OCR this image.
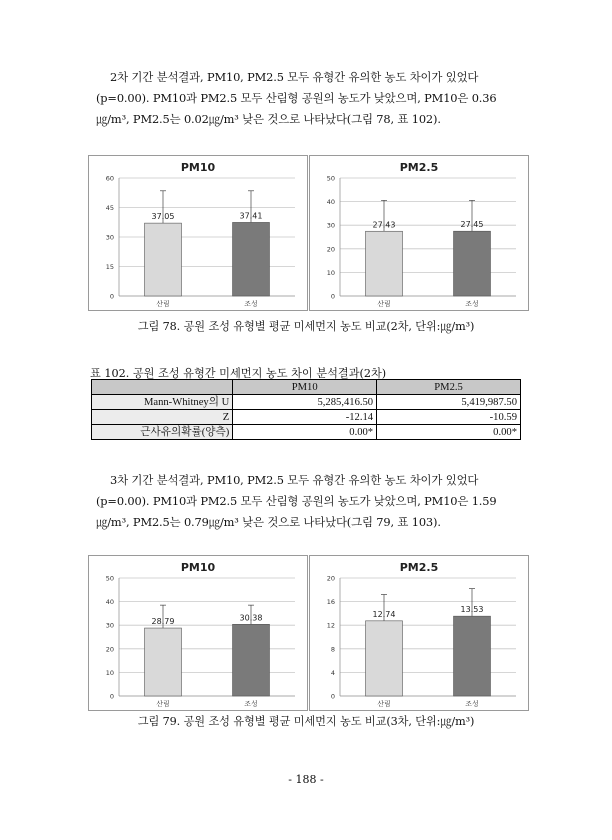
2차 기간 분석결과, PM10, PM2.5 모두 유형간 유의한 농도 차이가 있었다
(p=0.00). PM10과 PM2.5 모두 산림형 공원의 농도가 낮았으며, PM10은 0.36
㎍/m³, PM2.5는 0.02㎍/m³ 낮은 것으로 나타났다(그림 78, 표 102).
PM10
0
15
30
45
60
37.05
산림
37.41
조성
PM2.5
0
10
20
30
40
50
27.43
산림
27.45
조성
그림 78. 공원 조성 유형별 평균 미세먼지 농도 비교(2차, 단위:㎍/m³)
표 102. 공원 조성 유형간 미세먼지 농도 차이 분석결과(2차)
	PM10	PM2.5
Mann-Whitney의 U	5,285,416.50	5,419,987.50
Z	-12.14	-10.59
근사유의확률(양측)	0.00*	0.00*
3차 기간 분석결과, PM10, PM2.5 모두 유형간 유의한 농도 차이가 있었다
(p=0.00). PM10과 PM2.5 모두 산림형 공원의 농도가 낮았으며, PM10은 1.59
㎍/m³, PM2.5는 0.79㎍/m³ 낮은 것으로 나타났다(그림 79, 표 103).
PM10
0
10
20
30
40
50
28.79
산림
30.38
조성
PM2.5
0
4
8
12
16
20
12.74
산림
13.53
조성
그림 79. 공원 조성 유형별 평균 미세먼지 농도 비교(3차, 단위:㎍/m³)
- 188 -
